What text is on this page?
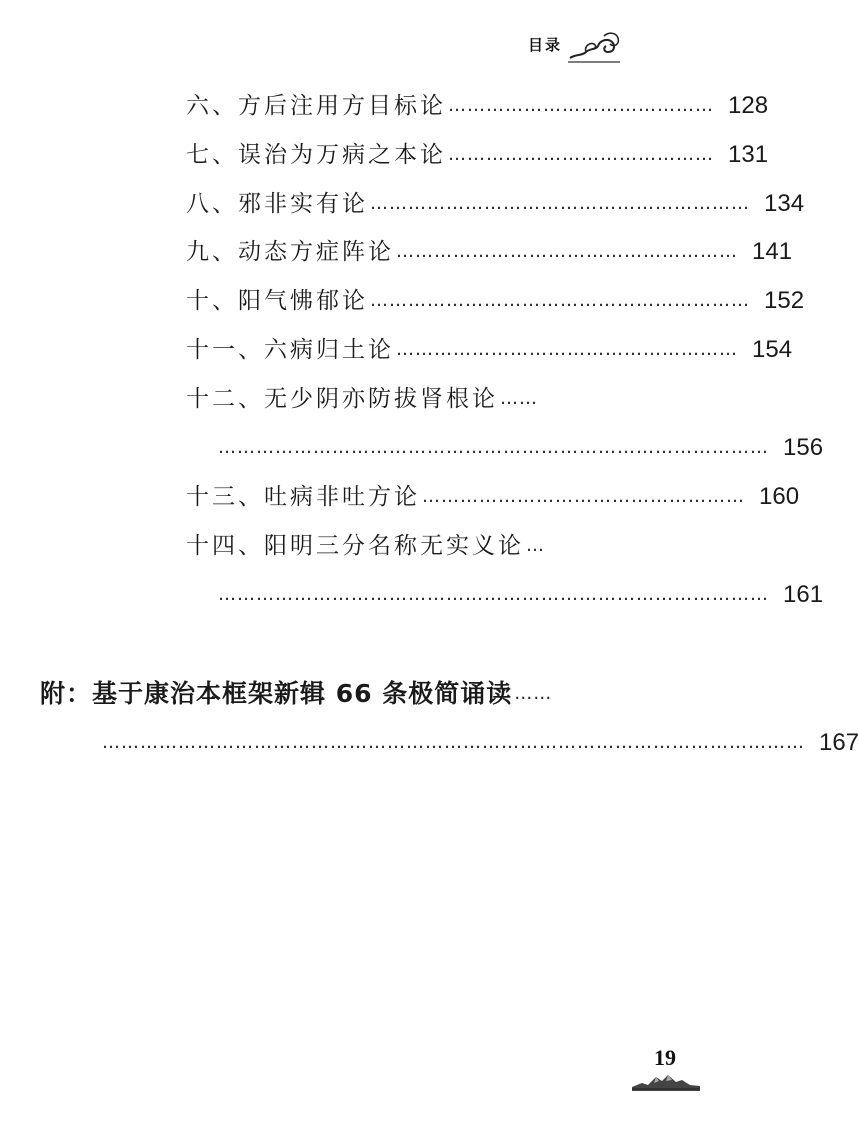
目录
六、方后注用方目标论 …………………………………… 128
七、误治为万病之本论 …………………………………… 131
八、邪非实有论 …………………………………………………… 134
九、动态方症阵论 ……………………………………………… 141
十、阳气怫郁论 …………………………………………………… 152
十一、六病归土论 ……………………………………………… 154
十二、无少阴亦防拔肾根论 ……
…………………………………………………………………………… 156
十三、吐病非吐方论 …………………………………………… 160
十四、阳明三分名称无实义论 …
…………………………………………………………………………… 161
附：基于康治本框架新辑 66 条极简诵读 ……
………………………………………………………………………………………………… 167
19
